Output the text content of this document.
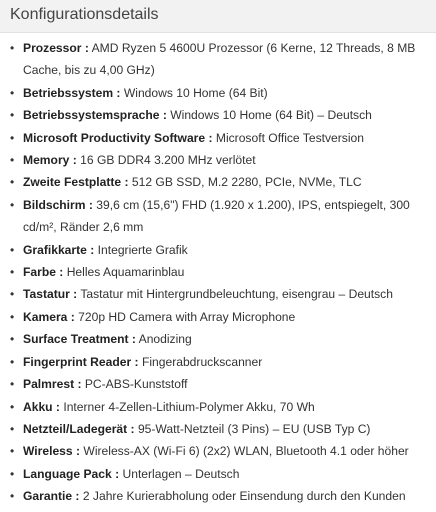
Konfigurationsdetails
• Prozessor : AMD Ryzen 5 4600U Prozessor (6 Kerne, 12 Threads, 8 MB Cache, bis zu 4,00 GHz)
• Betriebssystem : Windows 10 Home (64 Bit)
• Betriebssystemsprache : Windows 10 Home (64 Bit) – Deutsch
• Microsoft Productivity Software : Microsoft Office Testversion
• Memory : 16 GB DDR4 3.200 MHz verlötet
• Zweite Festplatte : 512 GB SSD, M.2 2280, PCIe, NVMe, TLC
• Bildschirm : 39,6 cm (15,6") FHD (1.920 x 1.200), IPS, entspiegelt, 300 cd/m², Ränder 2,6 mm
• Grafikkarte : Integrierte Grafik
• Farbe : Helles Aquamarinblau
• Tastatur : Tastatur mit Hintergrundbeleuchtung, eisengrau – Deutsch
• Kamera : 720p HD Camera with Array Microphone
• Surface Treatment : Anodizing
• Fingerprint Reader : Fingerabdruckscanner
• Palmrest : PC-ABS-Kunststoff
• Akku : Interner 4-Zellen-Lithium-Polymer Akku, 70 Wh
• Netzteil/Ladegerät : 95-Watt-Netzteil (3 Pins) – EU (USB Typ C)
• Wireless : Wireless-AX (Wi-Fi 6) (2x2) WLAN, Bluetooth 4.1 oder höher
• Language Pack : Unterlagen – Deutsch
• Garantie : 2 Jahre Kurierabholung oder Einsendung durch den Kunden
